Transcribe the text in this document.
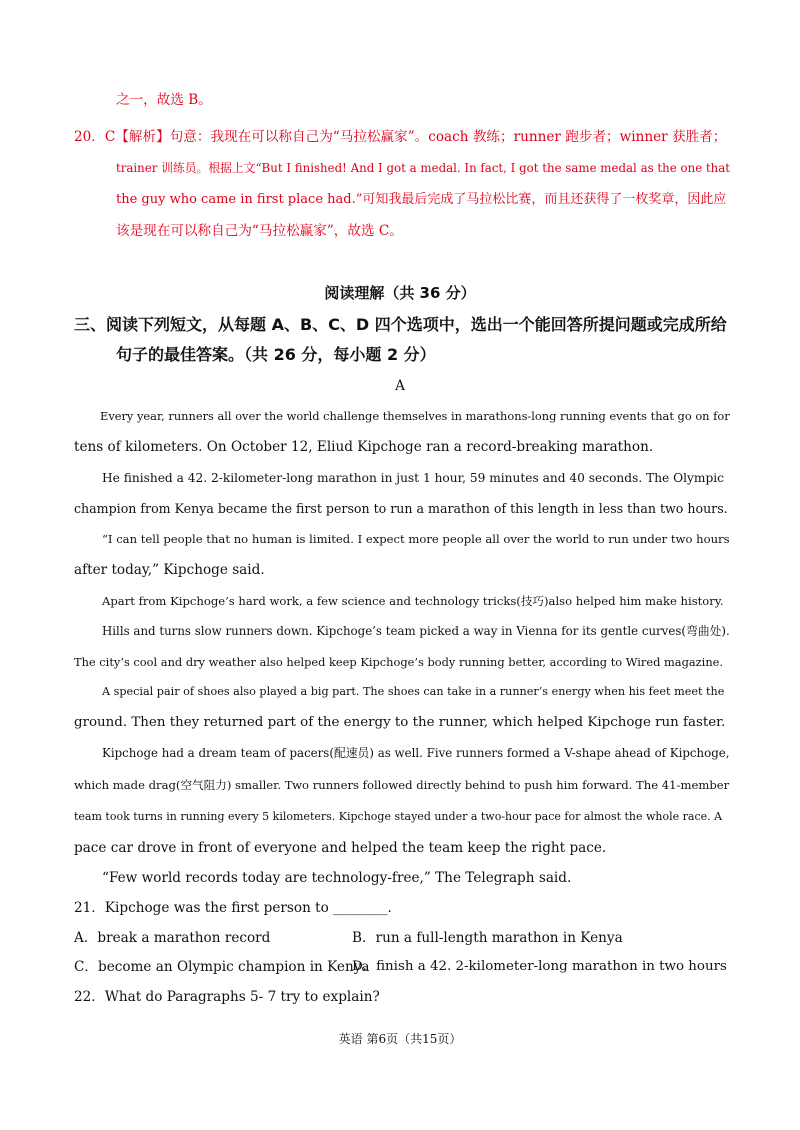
之一，故选 B。
20．C【解析】句意：我现在可以称自己为“马拉松赢家”。coach 教练；runner 跑步者；winner 获胜者；
trainer 训练员。根据上文“But I finished! And I got a medal. In fact, I got the same medal as the one that
the guy who came in first place had.”可知我最后完成了马拉松比赛，而且还获得了一枚奖章，因此应
该是现在可以称自己为“马拉松赢家”，故选 C。
阅读理解（共 36 分）
三、阅读下列短文，从每题 A、B、C、D 四个选项中，选出一个能回答所提问题或完成所给
句子的最佳答案。（共 26 分，每小题 2 分）
A
Every year, runners all over the world challenge themselves in marathons-long running events that go on for
tens of kilometers. On October 12, Eliud Kipchoge ran a record-breaking marathon.
He finished a 42. 2-kilometer-long marathon in just 1 hour, 59 minutes and 40 seconds. The Olympic
champion from Kenya became the first person to run a marathon of this length in less than two hours.
“I can tell people that no human is limited. I expect more people all over the world to run under two hours
after today,” Kipchoge said.
Apart from Kipchoge’s hard work, a few science and technology tricks(技巧)also helped him make history.
Hills and turns slow runners down. Kipchoge’s team picked a way in Vienna for its gentle curves(弯曲处).
The city’s cool and dry weather also helped keep Kipchoge’s body running better, according to Wired magazine.
A special pair of shoes also played a big part. The shoes can take in a runner’s energy when his feet meet the
ground. Then they returned part of the energy to the runner, which helped Kipchoge run faster.
Kipchoge had a dream team of pacers(配速员) as well. Five runners formed a V-shape ahead of Kipchoge,
which made drag(空气阻力) smaller. Two runners followed directly behind to push him forward. The 41-member
team took turns in running every 5 kilometers. Kipchoge stayed under a two-hour pace for almost the whole race. A
pace car drove in front of everyone and helped the team keep the right pace.
“Few world records today are technology-free,” The Telegraph said.
21．Kipchoge was the first person to ________.
A．break a marathon record	B．run a full-length marathon in Kenya
C．become an Olympic champion in Kenya
D．finish a 42. 2-kilometer-long marathon in two hours
22．What do Paragraphs 5- 7 try to explain?
英语 第6页（共15页）
